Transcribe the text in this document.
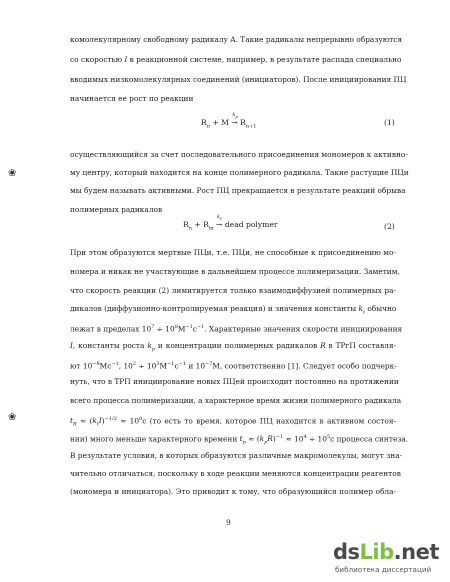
❀
❀
комолекулярному свободному радикалу A. Такие радикалы непрерывно образуются
со скоростью I в реакционной системе, например, в результате распада специально
вводимых низкомолекулярных соединений (инициаторов). После инициирования ПЦ
начинается ее рост по реакции
$R_n + M$ →
$k_p$
$R_{n+1}$	(1)
осуществляющийся за счет последовательного присоединения мономеров к активно-
му центру, который находится на конце полимерного радикала. Такие растущие ПЦи
мы будем называть активными. Рост ПЦ прекращается в результате реакций обрыва
полимерных радикалов
$R_n + R_m$ →
$k_t$
dead polymer	(2)
При этом образуются мертвые ПЦи, т.е. ПЦи, не способные к присоединению мо-
номера и никак не участвующие в дальнейшем процессе полимеризации. Заметим,
что скорость реакции (2) лимитируется только взаимодиффузией полимерных ра-
дикалов (диффузионно-контролируемая реакция) и значения константы $k_t$ обычно
лежат в пределах $10^7 \div 10^8M^{-1}c^{-1}$. Характерные значения скорости инициирования
I, константы роста $k_p$ и концентрации полимерных радикалов R в ТРгП составля-
ют $10^{-8}Mc^{-1}$, $10^2 \div 10^3M^{-1}c^{-1}$ и $10^{-7}M$, соответственно [1]. Следует особо подчерк-
нуть, что в ТРП инициирование новых ПЦей происходит постоянно на протяжении
всего процесса полимеризации, а характерное время жизни полимерного радикала
$t_R \approx (k_tI)^{-1/2} \approx 10^0c$ (то есть то время, которое ПЦ находится в активном состоя-
нии) много меньше характерного времени $t_p \approx (k_pR)^{-1} \approx 10^4 \div 10^5c$ процесса синтеза.
В результате условия, в которых образуются различные макромолекулы, могут зна-
чительно отличаться, поскольку в ходе реакции меняются концентрации реагентов
(мономера и инициатора). Это приводит к тому, что образующийся полимер обла-
9
dsLib.net
библиотека диссертаций
